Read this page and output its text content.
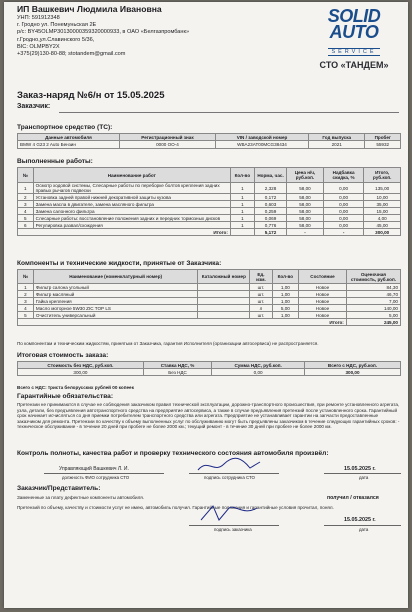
ИП Вашкевич Людмила Ивановна
УНП: 591912348
г. Гродно ул. Понемуньская 2Е
р/с: BY45OLMP30130000359320000933, в ОАО «Белгазпромбанк»
г.Гродно,ул.Славинского 5/36,
BIC: OLMPBY2X
+375(29)130-80-88; stotandem@gmail.com
SOLID
AUTO
SERVICE
СТО «ТАНДЕМ»
Заказ-наряд №6/н от 15.05.2025
Заказчик:
Транспортное средство (ТС):
Данные автомобиля	Регистрационный знак	VIN / заводской номер	Год выпуска	Пробег
BMW 4 G23 2 Auto Бензин	0000 ОО-4	WBA23AT00MCG38434	2021	55932
Выполненные работы:
№	Наименование работ	Кол-во	Норма, час.	Цена н/ч, руб.коп.	Надбавка скидка, %	Итого, руб.коп.
1	Осмотр ходовой системы, Слесарные работы по переборке болтов крепления задних правых рычагов подвески	1	2,328	58,00	0,00	135,00
2	Установка задней правой нижней декоративной защиты кузова	1	0,172	58,00	0,00	10,00
3	Замена масла в двигателе, замена масляного фильтра	1	0,603	58,00	0,00	35,00
4	Замена салонного фильтра	1	0,259	58,00	0,00	15,00
5	Слесарные работы: восстановление положения задних и передних тормозных дисков	1	0,069	58,00	0,00	4,00
6	Регулировка развал/схождения	1	0,776	58,00	0,00	45,00
Итого:			5,172	-	-	300,00
Компоненты и технические жидкости, принятые от Заказчика:
№	Наименование (номенклатурный номер)	Каталожный номер	Ед. изм.	Кол-во	Состояние	Оценочная стоимость, руб.коп.
1	Фильтр салона угольный		шт.	1,00	Новое	84,30
2	Фильтр масляный		шт.	1,00	Новое	46,70
3	Гайка крепления		шт.	1,00	Новое	7,00
4	Масло моторное 5W30 ZIC TOP LS		л	5,00	Новое	140,00
5	Очиститель универсальный		шт.	1,00	Новое	5,00
Итого:						245,00
По компонентам и техническим жидкостям, принятым от Заказчика, гарантия Исполнителя (организации автосервиса) не распространяется.
Итоговая стоимость заказа:
Стоимость без НДС, руб.коп.	Ставка НДС, %	Сумма НДС, руб.коп.	Всего с НДС, руб.коп.
300,00	Без НДС	0,00	300,00
Всего с НДС: триста белорусских рублей 00 копеек
Гарантийные обязательства:
Претензии не принимаются в случае не соблюдения заказчиком правил технической эксплуатации, дорожно-транспортного происшествия, при ремонте установленного агрегата, узла, детали, без предъявления автотранспортного средства на предприятие автосервиса, а также в случае предъявления претензий после установленного срока. Гарантийный срок начинает исчисляться со дня приемки потребителем транспортного средства или агрегата. Предприятие не устанавливает гарантии на запчасти предоставленные заказчиком для ремонта. Претензии по качеству к объему выполненных услуг по обслуживанию могут быть предъявлены заказчиком в течение следующих гарантийных сроков: - техническое обслуживание - в течение 20 дней при пробеге не более 2000 км.; текущий ремонт - в течение 30 дней при пробеге не более 2000 км.
Контроль полноты, качества работ и проверку технического состояния автомобиля произвёл:
Управляющий Вашкевич Л. И.
должность ФИО сотрудника СТО	подпись сотрудника СТО
15.05.2025 г.
дата
Заказчик/Представитель:
получил / отказался
Замененные за плату дефектные компоненты автомобиля.
Претензий по объему, качеству и стоимости услуг не имею, автомобиль получил. Гарантийные положения и гарантийные условия прочитал, понял.
15.05.2025 г.
подпись заказчика	дата
